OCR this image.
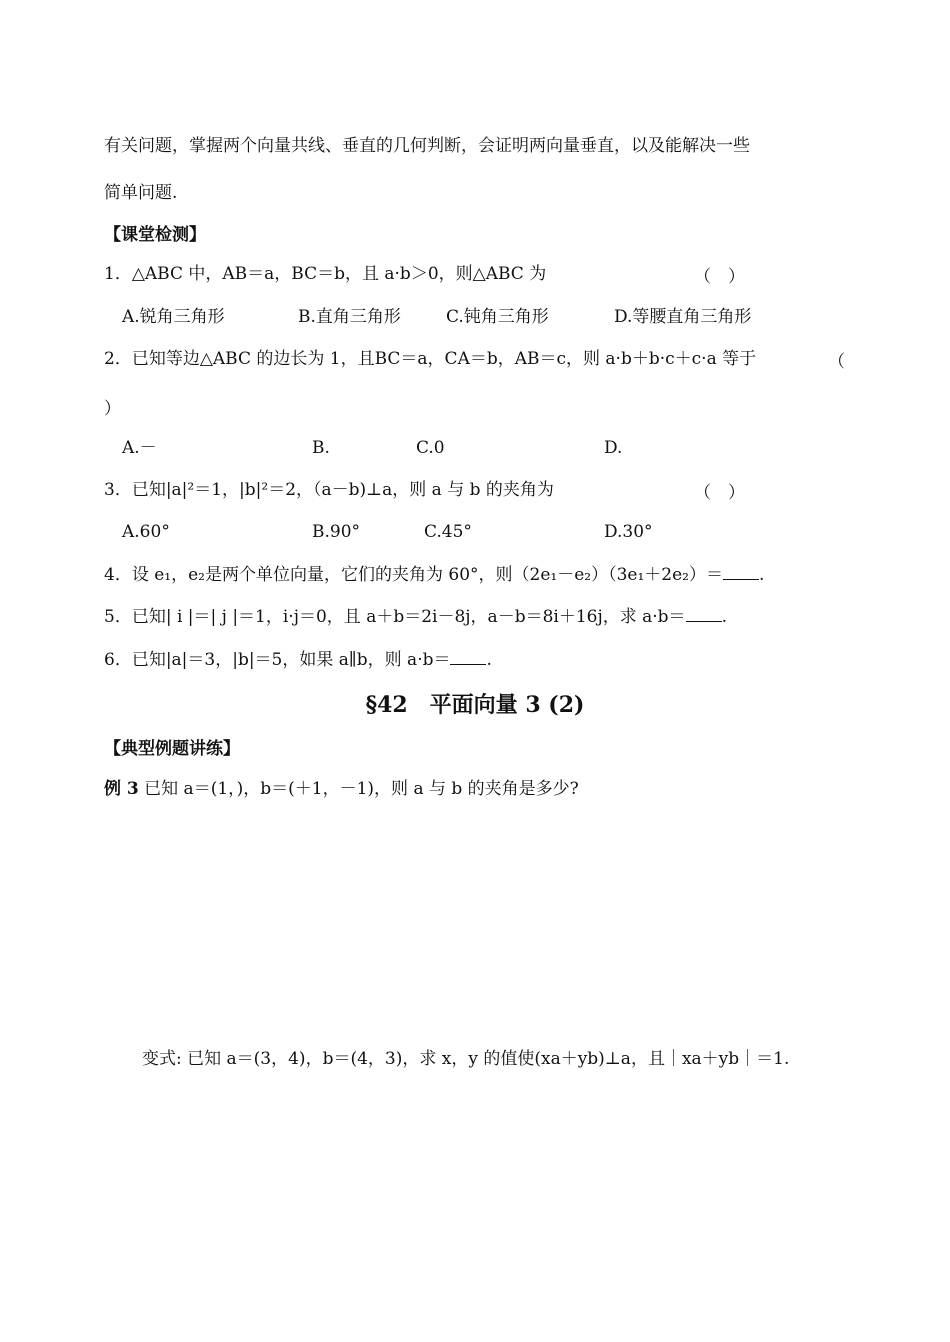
有关问题，掌握两个向量共线、垂直的几何判断，会证明两向量垂直，以及能解决一些
简单问题.
【课堂检测】
1．△ABC 中，AB＝a，BC＝b，且 a·b＞0，则△ABC 为	（　）
A.锐角三角形	B.直角三角形	C.钝角三角形	D.等腰直角三角形
2．已知等边△ABC 的边长为 1，且BC＝a，CA＝b，AB＝c，则 a·b＋b·c＋c·a 等于	（
）
A.－	B.	C.0	D.
3．已知|a|²＝1，|b|²＝2，（a－b)⊥a，则 a 与 b 的夹角为	（　）
A.60°	B.90°	C.45°	D.30°
4．设 e₁，e₂是两个单位向量，它们的夹角为 60°，则（2e₁－e₂）（3e₁＋2e₂）＝ .
5．已知| i |＝| j |＝1，i·j＝0，且 a＋b＝2i－8j，a－b＝8i＋16j，求 a·b＝ .
6．已知|a|＝3，|b|＝5，如果 a∥b，则 a·b＝ .
§42　平面向量 3 (2)
【典型例题讲练】
例 3 已知 a＝(1，)，b＝(＋1，－1)，则 a 与 b 的夹角是多少?
变式: 已知 a＝(3，4)，b＝(4，3)，求 x，y 的值使(xa＋yb)⊥a，且｜xa＋yb｜＝1.
